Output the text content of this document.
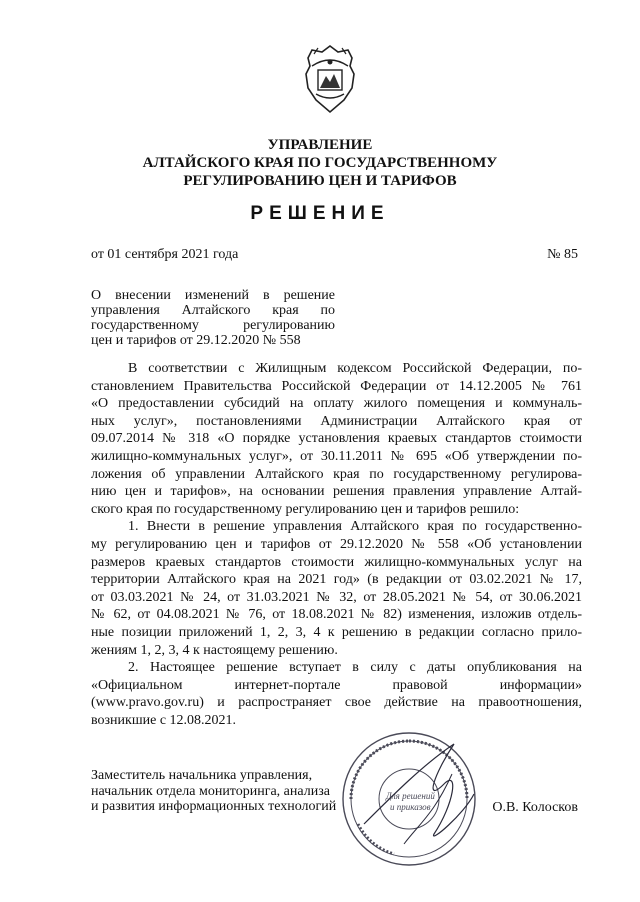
УПРАВЛЕНИЕ
АЛТАЙСКОГО КРАЯ ПО ГОСУДАРСТВЕННОМУ
РЕГУЛИРОВАНИЮ ЦЕН И ТАРИФОВ
РЕШЕНИЕ
от 01 сентября 2021 года	№ 85
О внесении изменений в решение
управления Алтайского края по
государственному регулированию
цен и тарифов от 29.12.2020 № 558
В соответствии с Жилищным кодексом Российской Федерации, по-
становлением Правительства Российской Федерации от 14.12.2005 № 761
«О предоставлении субсидий на оплату жилого помещения и коммуналь-
ных услуг», постановлениями Администрации Алтайского края от
09.07.2014 № 318 «О порядке установления краевых стандартов стоимости
жилищно-коммунальных услуг», от 30.11.2011 № 695 «Об утверждении по-
ложения об управлении Алтайского края по государственному регулирова-
нию цен и тарифов», на основании решения правления управление Алтай-
ского края по государственному регулированию цен и тарифов решило:
1. Внести в решение управления Алтайского края по государственно-
му регулированию цен и тарифов от 29.12.2020 № 558 «Об установлении
размеров краевых стандартов стоимости жилищно-коммунальных услуг на
территории Алтайского края на 2021 год» (в редакции от 03.02.2021 № 17,
от 03.03.2021 № 24, от 31.03.2021 № 32, от 28.05.2021 № 54, от 30.06.2021
№ 62, от 04.08.2021 № 76, от 18.08.2021 № 82) изменения, изложив отдель-
ные позиции приложений 1, 2, 3, 4 к решению в редакции согласно прило-
жениям 1, 2, 3, 4 к настоящему решению.
2. Настоящее решение вступает в силу с даты опубликования на
«Официальном интернет-портале правовой информации»
(www.pravo.gov.ru) и распространяет свое действие на правоотношения,
возникшие с 12.08.2021.
Заместитель начальника управления,
начальник отдела мониторинга, анализа
и развития информационных технологий
Для решений
и приказов	О.В. Колосков
